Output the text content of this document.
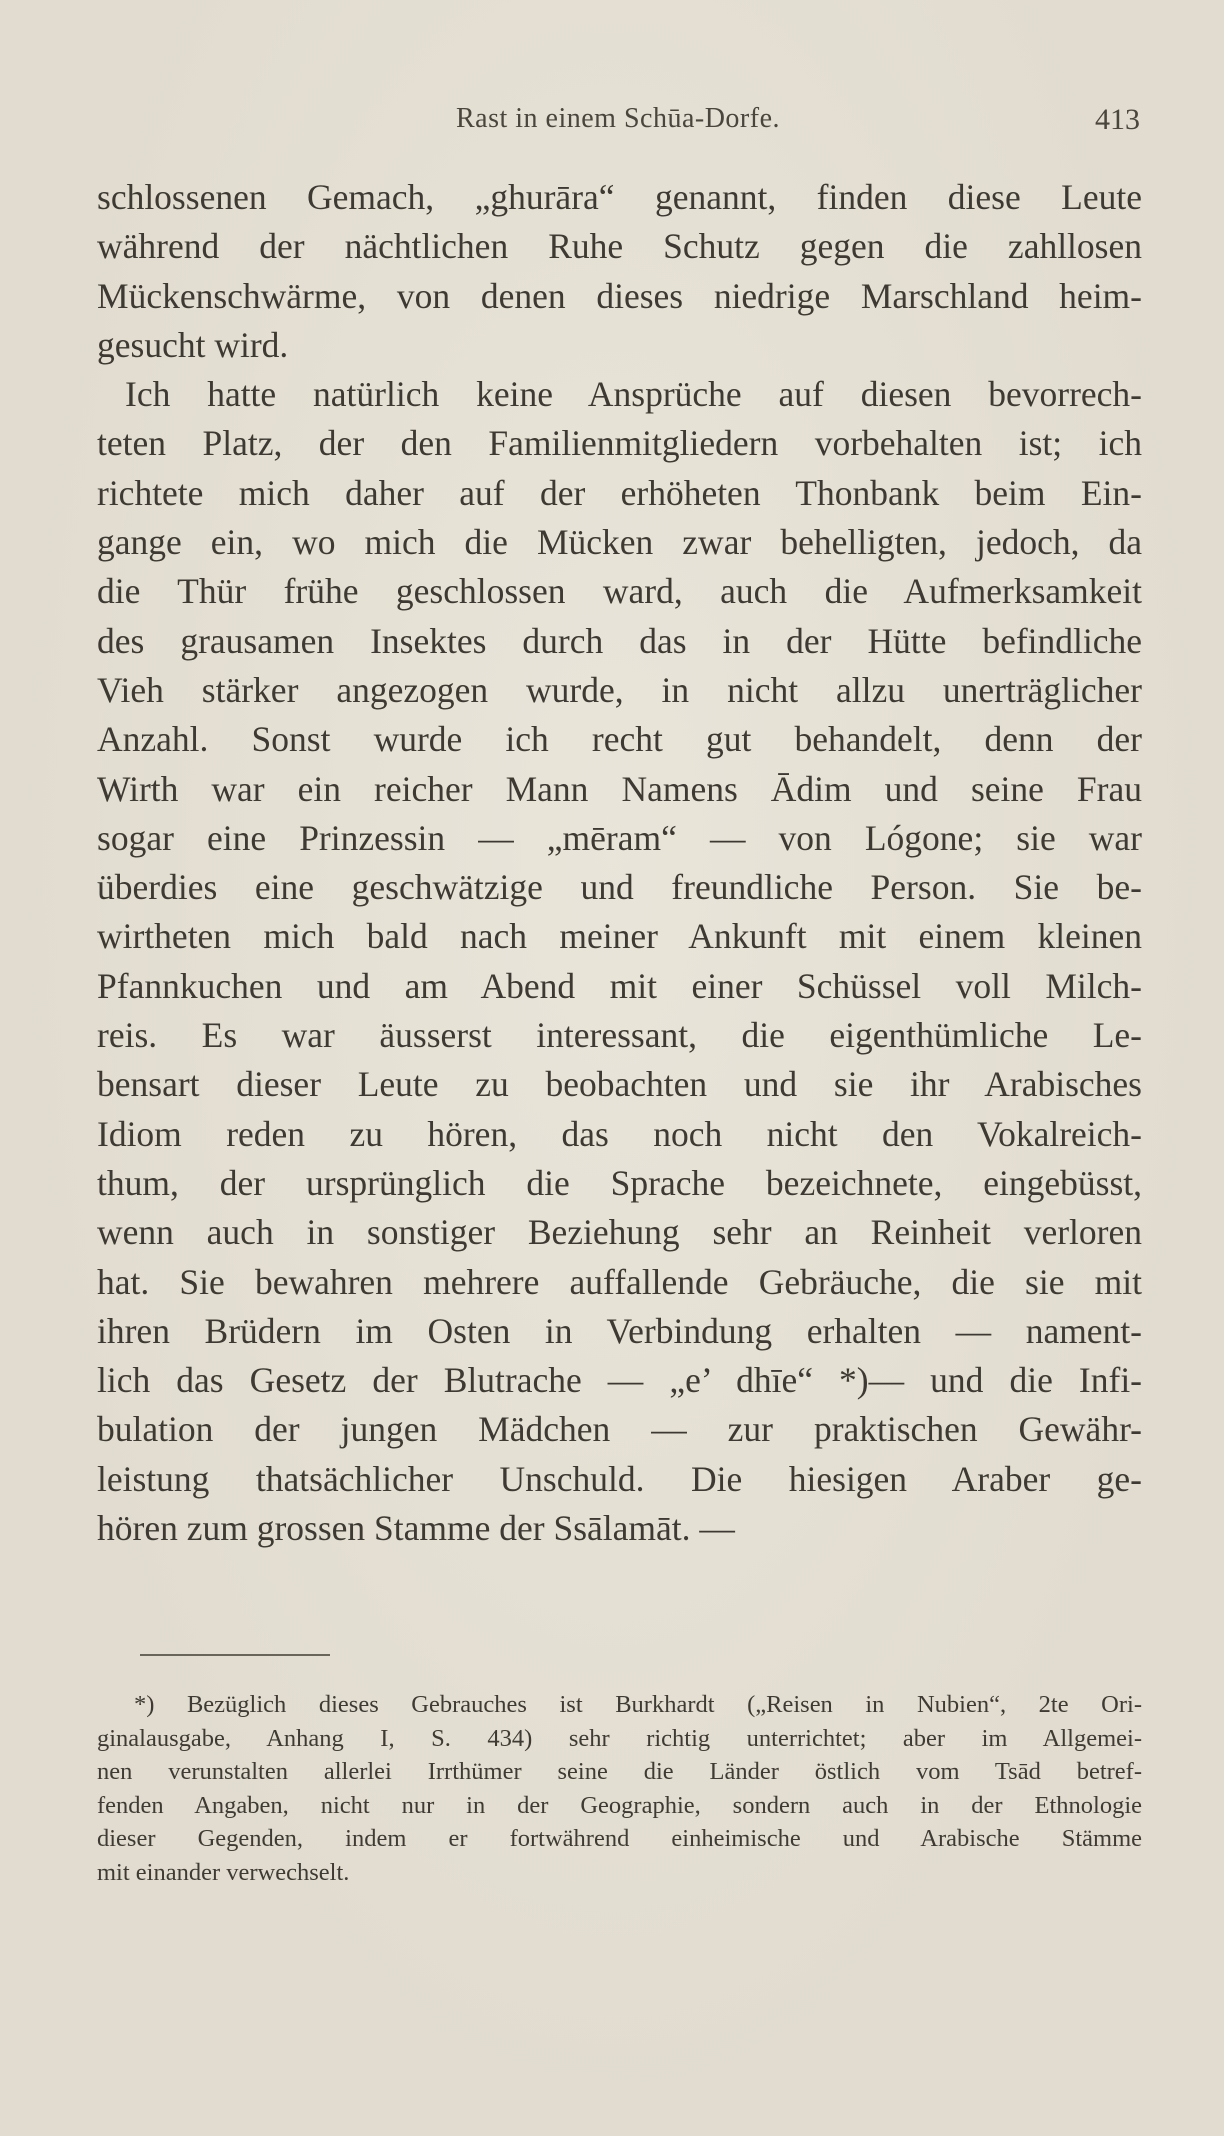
Rast in einem Schūa-Dorfe.	413
schlossenen Gemach, „ghurāra“ genannt, finden diese Leute
während der nächtlichen Ruhe Schutz gegen die zahllosen
Mückenschwärme, von denen dieses niedrige Marschland heim-
gesucht wird.
Ich hatte natürlich keine Ansprüche auf diesen bevorrech-
teten Platz, der den Familienmitgliedern vorbehalten ist; ich
richtete mich daher auf der erhöheten Thonbank beim Ein-
gange ein, wo mich die Mücken zwar behelligten, jedoch, da
die Thür frühe geschlossen ward, auch die Aufmerksamkeit
des grausamen Insektes durch das in der Hütte befindliche
Vieh stärker angezogen wurde, in nicht allzu unerträglicher
Anzahl. Sonst wurde ich recht gut behandelt, denn der
Wirth war ein reicher Mann Namens Ādim und seine Frau
sogar eine Prinzessin — „mēram“ — von Lógone; sie war
überdies eine geschwätzige und freundliche Person. Sie be-
wirtheten mich bald nach meiner Ankunft mit einem kleinen
Pfannkuchen und am Abend mit einer Schüssel voll Milch-
reis. Es war äusserst interessant, die eigenthümliche Le-
bensart dieser Leute zu beobachten und sie ihr Arabisches
Idiom reden zu hören, das noch nicht den Vokalreich-
thum, der ursprünglich die Sprache bezeichnete, eingebüsst,
wenn auch in sonstiger Beziehung sehr an Reinheit verloren
hat. Sie bewahren mehrere auffallende Gebräuche, die sie mit
ihren Brüdern im Osten in Verbindung erhalten — nament-
lich das Gesetz der Blutrache — „e’ dhīe“ *)— und die Infi-
bulation der jungen Mädchen — zur praktischen Gewähr-
leistung thatsächlicher Unschuld. Die hiesigen Araber ge-
hören zum grossen Stamme der Ssālamāt. —
*) Bezüglich dieses Gebrauches ist Burkhardt („Reisen in Nubien“, 2te Ori-
ginalausgabe, Anhang I, S. 434) sehr richtig unterrichtet; aber im Allgemei-
nen verunstalten allerlei Irrthümer seine die Länder östlich vom Tsād betref-
fenden Angaben, nicht nur in der Geographie, sondern auch in der Ethnologie
dieser Gegenden, indem er fortwährend einheimische und Arabische Stämme
mit einander verwechselt.
